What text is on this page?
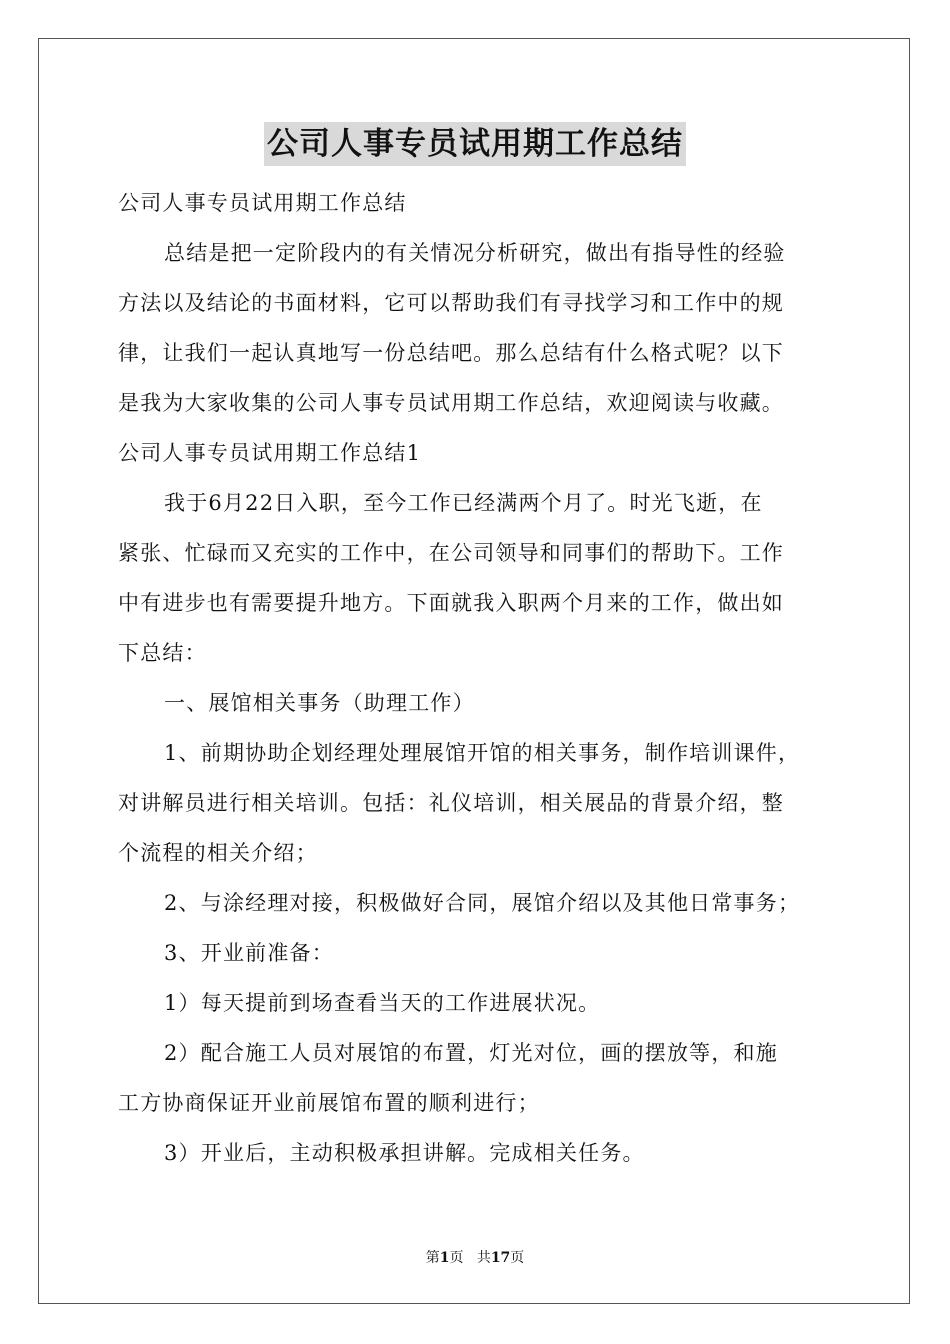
公司人事专员试用期工作总结
公司人事专员试用期工作总结
总结是把一定阶段内的有关情况分析研究，做出有指导性的经验
方法以及结论的书面材料，它可以帮助我们有寻找学习和工作中的规
律，让我们一起认真地写一份总结吧。那么总结有什么格式呢？以下
是我为大家收集的公司人事专员试用期工作总结，欢迎阅读与收藏。
公司人事专员试用期工作总结1
我于6月22日入职，至今工作已经满两个月了。时光飞逝，在
紧张、忙碌而又充实的工作中，在公司领导和同事们的帮助下。工作
中有进步也有需要提升地方。下面就我入职两个月来的工作，做出如
下总结：
一、展馆相关事务（助理工作）
1、前期协助企划经理处理展馆开馆的相关事务，制作培训课件，
对讲解员进行相关培训。包括：礼仪培训，相关展品的背景介绍，整
个流程的相关介绍；
2、与涂经理对接，积极做好合同，展馆介绍以及其他日常事务；
3、开业前准备：
1）每天提前到场查看当天的工作进展状况。
2）配合施工人员对展馆的布置，灯光对位，画的摆放等，和施
工方协商保证开业前展馆布置的顺利进行；
3）开业后，主动积极承担讲解。完成相关任务。
第1页 共17页
